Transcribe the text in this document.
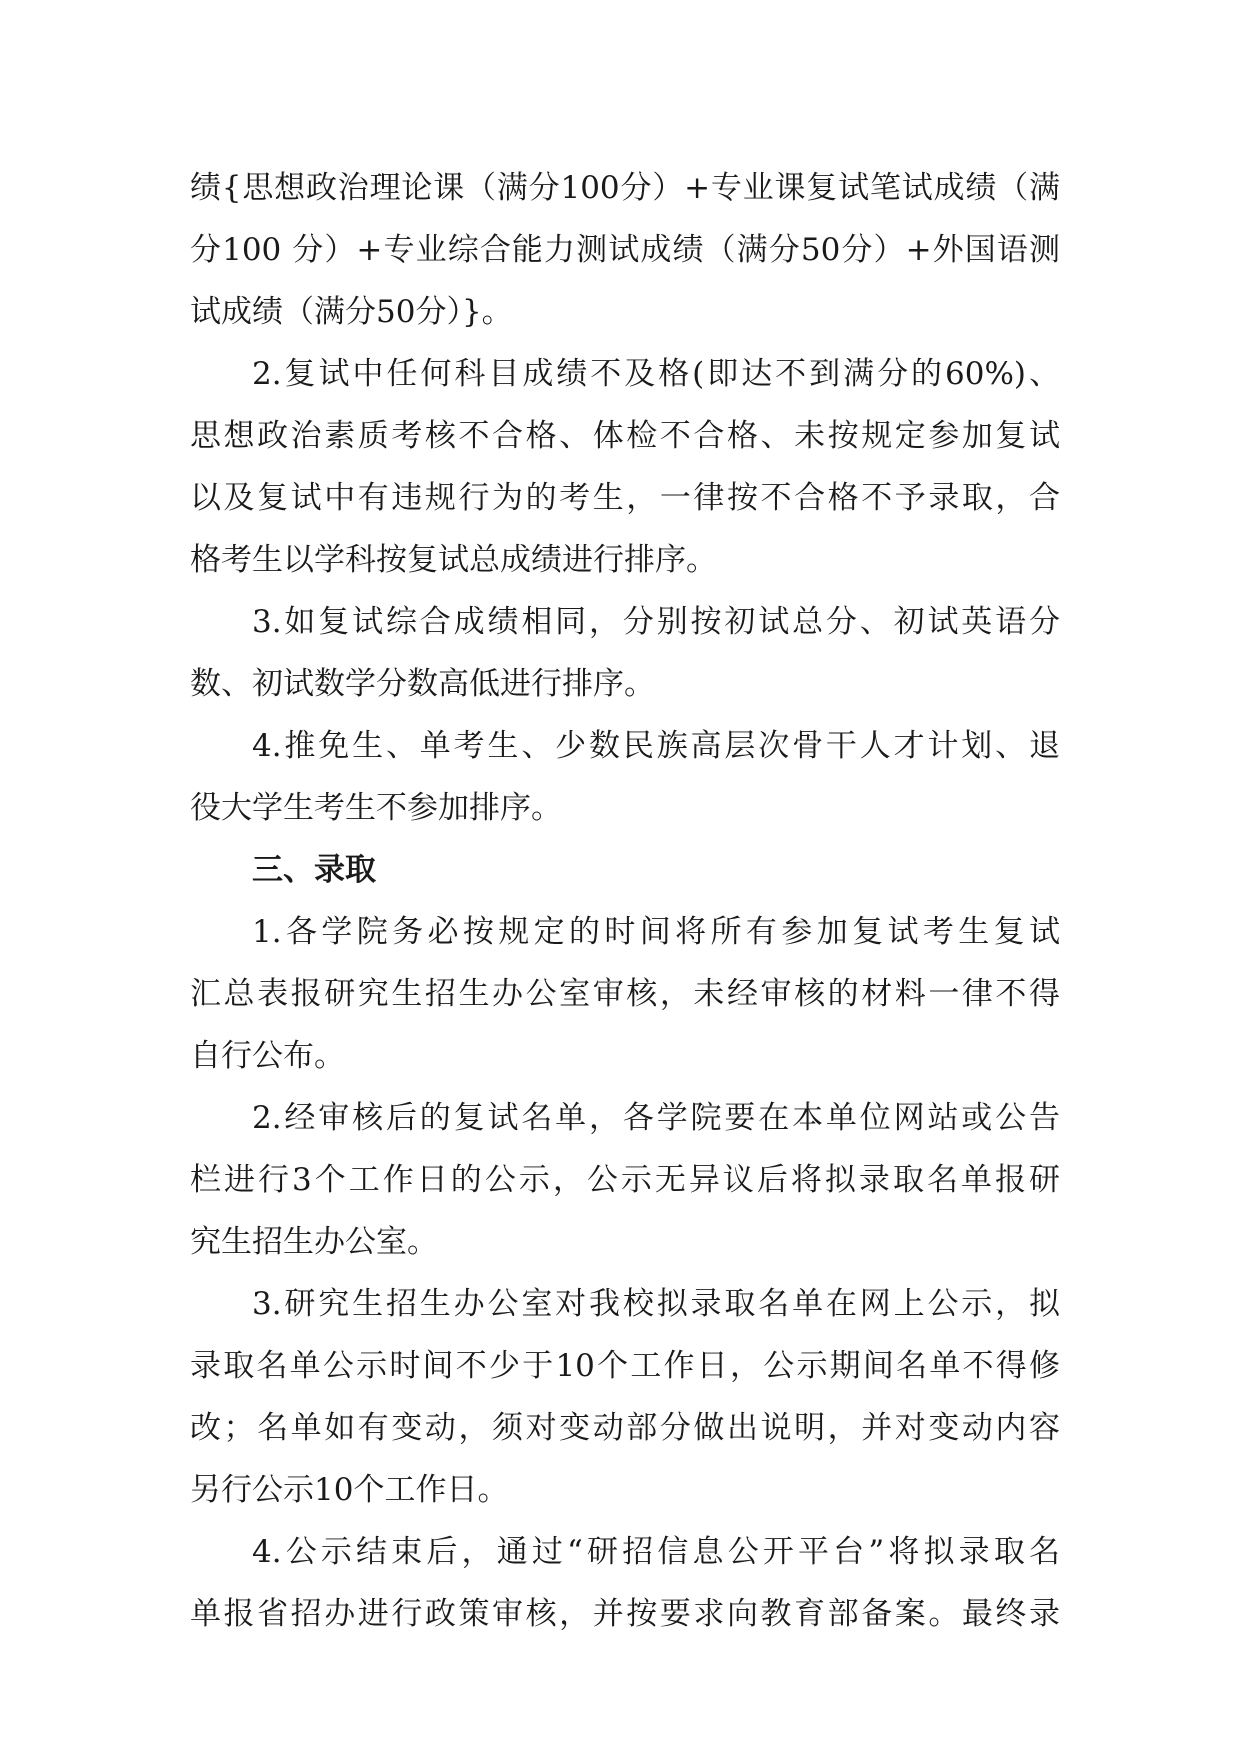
绩{思想政治理论课（满分100分）+专业课复试笔试成绩（满
分100 分）+专业综合能力测试成绩（满分50分）+外国语测
试成绩（满分50分）}。
2.复试中任何科目成绩不及格(即达不到满分的60%)、
思想政治素质考核不合格、体检不合格、未按规定参加复试
以及复试中有违规行为的考生，一律按不合格不予录取，合
格考生以学科按复试总成绩进行排序。
3.如复试综合成绩相同，分别按初试总分、初试英语分
数、初试数学分数高低进行排序。
4.推免生、单考生、少数民族高层次骨干人才计划、退
役大学生考生不参加排序。
三、录取
1.各学院务必按规定的时间将所有参加复试考生复试
汇总表报研究生招生办公室审核，未经审核的材料一律不得
自行公布。
2.经审核后的复试名单，各学院要在本单位网站或公告
栏进行3个工作日的公示，公示无异议后将拟录取名单报研
究生招生办公室。
3.研究生招生办公室对我校拟录取名单在网上公示，拟
录取名单公示时间不少于10个工作日，公示期间名单不得修
改；名单如有变动，须对变动部分做出说明，并对变动内容
另行公示10个工作日。
4.公示结束后，通过“研招信息公开平台”将拟录取名
单报省招办进行政策审核，并按要求向教育部备案。最终录
